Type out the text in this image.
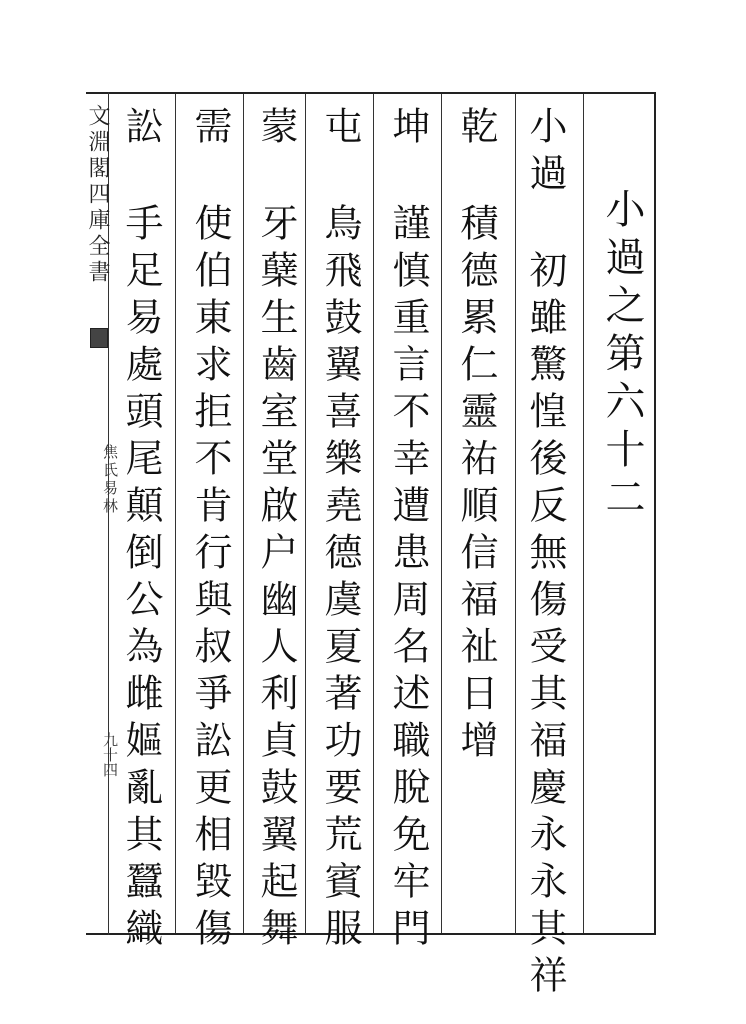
文淵閣四庫全書
焦氏易林
九十四
小過之第六十二
小過初雖驚惶後反無傷受其福慶永永其祥
乾積德累仁靈祐順信福祉日增
坤謹慎重言不幸遭患周名述職脫免牢門
屯鳥飛鼓翼喜樂堯德虞夏著功要荒賓服
蒙牙蘖生齒室堂啟户幽人利貞鼓翼起舞
需使伯東求拒不肯行與叔爭訟更相毀傷
訟手足易處頭尾顛倒公為雌嫗亂其蠶織
